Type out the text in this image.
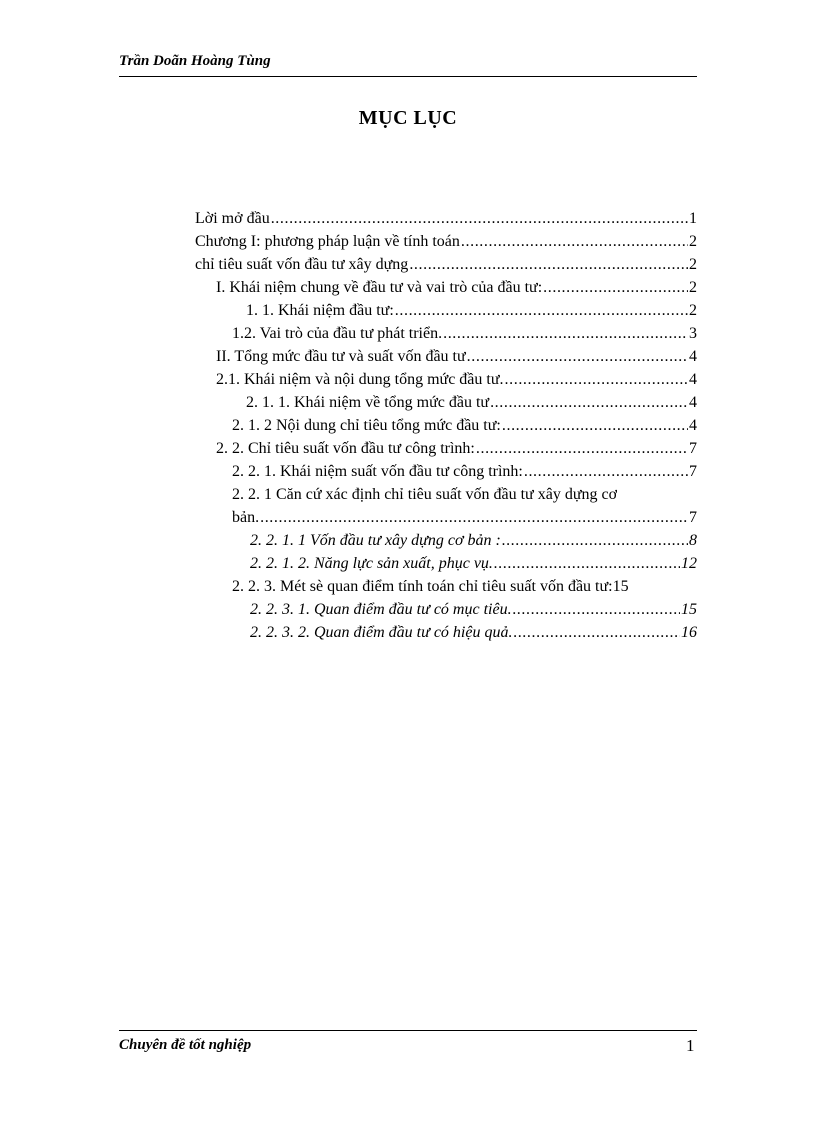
Trần Doãn Hoàng Tùng
MỤC LỤC
Lời mở đầu .....	1
Chương I: phương pháp luận về tính toán .....	2
chỉ tiêu suất vốn đầu tư xây dựng .....	2
I. Khái niệm chung về đầu tư và vai trò của đầu tư: .....	2
1. 1. Khái niệm đầu tư: .....	2
1.2. Vai trò của đầu tư phát triển. .....	3
II. Tổng mức đầu tư và suất vốn đầu tư .....	4
2.1. Khái niệm và nội dung tổng mức đầu tư. .....	4
2. 1. 1. Khái niệm về tổng mức đầu tư .....	4
2. 1. 2 Nội dung chỉ tiêu tổng mức đầu tư: .....	4
2. 2. Chỉ tiêu suất vốn đầu tư công trình: .....	7
2. 2. 1. Khái niệm suất vốn đầu tư công trình: .....	7
2. 2. 1 Căn cứ xác định chỉ tiêu suất vốn đầu tư xây dựng cơ
bản. .....	7
2. 2. 1. 1 Vốn đầu tư xây dựng cơ bản : .....	8
2. 2. 1. 2. Năng lực sản xuất, phục vụ. .....	12
2. 2. 3. Mét sè quan điểm tính toán chỉ tiêu suất vốn đầu tư: 15
2. 2. 3. 1. Quan điểm đầu tư có mục tiêu. .....	15
2. 2. 3. 2. Quan điểm đầu tư có hiệu quả. .....	16
Chuyên đề tốt nghiệp	1
